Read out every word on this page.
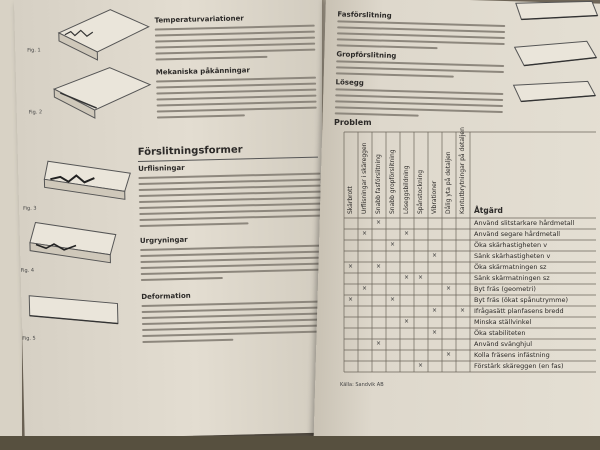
Fig. 1
Fig. 2
Temperaturvariationer
Mekaniska påkänningar
Förslitningsformer
Urflisningar
Urgryningar
Deformation
Fig. 3
Fig. 4
Fig. 5
Fasförslitning
Gropförslitning
Lösegg
Problem
Skärbrott Urflisningar i skäreggen Snabb fasförslitning Snabb gropförslitning Löseggsbildning Spånstockning Vibrationer Dålig yta på detaljen Kantutbrytningar på detaljen Åtgärd
Använd slitstarkare hårdmetall
Använd segare hårdmetall
Öka skärhastigheten v
Sänk skärhastigheten v
Öka skärmatningen sz
Sänk skärmatningen sz
Byt fräs (geometri)
Byt fräs (ökat spånutrymme)
Ifrågasätt planfasens bredd
Minska ställvinkel
Öka stabiliteten
Använd svänghjul
Kolla fräsens infästning
Förstärk skäreggen (en fas)
×
×
×
×
×
×	×
×
×
×
×
×
×
×
×
×
×
×
×
×
Källa: Sandvik AB
